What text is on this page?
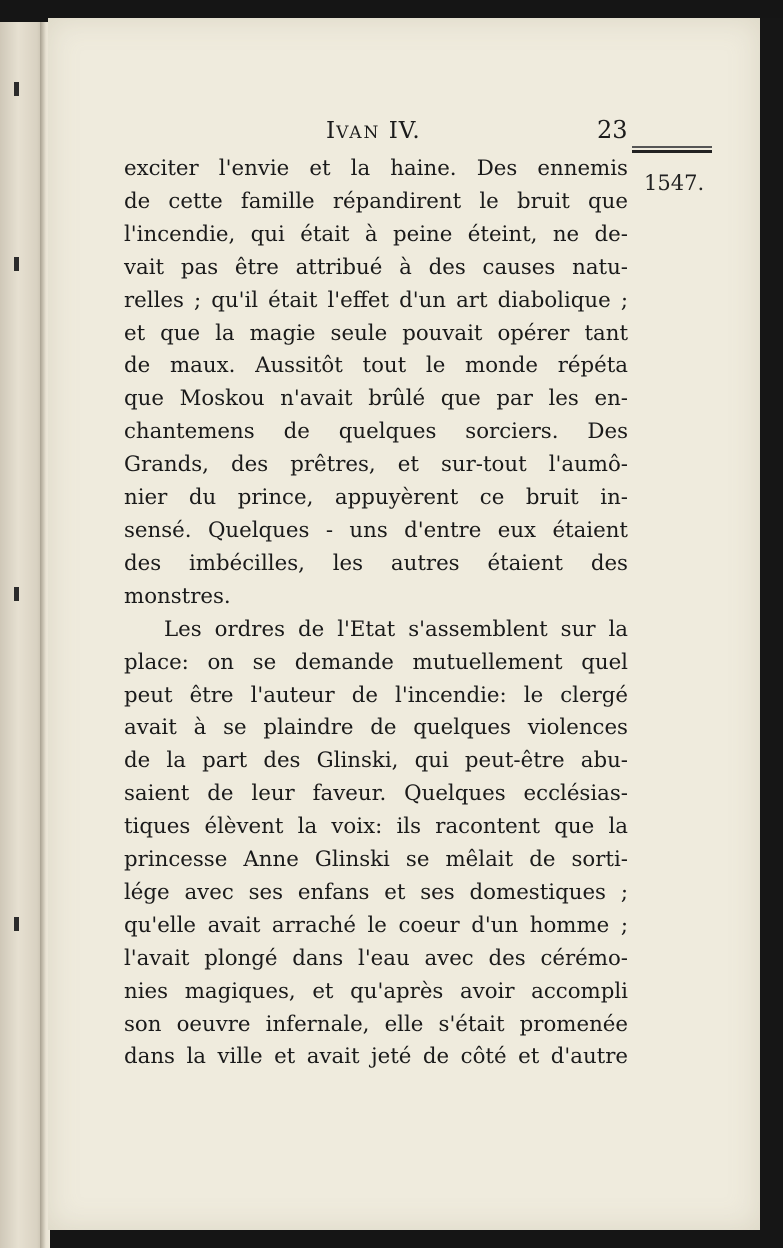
IVAN IV.	23
1547.
exciter l'envie et la haine. Des ennemis
de cette famille répandirent le bruit que
l'incendie, qui était à peine éteint, ne de-
vait pas être attribué à des causes natu-
relles ; qu'il était l'effet d'un art diabolique ;
et que la magie seule pouvait opérer tant
de maux. Aussitôt tout le monde répéta
que Moskou n'avait brûlé que par les en-
chantemens de quelques sorciers. Des
Grands, des prêtres, et sur-tout l'aumô-
nier du prince, appuyèrent ce bruit in-
sensé. Quelques - uns d'entre eux étaient
des imbécilles, les autres étaient des
monstres.
Les ordres de l'Etat s'assemblent sur la
place: on se demande mutuellement quel
peut être l'auteur de l'incendie: le clergé
avait à se plaindre de quelques violences
de la part des Glinski, qui peut-être abu-
saient de leur faveur. Quelques ecclésias-
tiques élèvent la voix: ils racontent que la
princesse Anne Glinski se mêlait de sorti-
lége avec ses enfans et ses domestiques ;
qu'elle avait arraché le coeur d'un homme ;
l'avait plongé dans l'eau avec des cérémo-
nies magiques, et qu'après avoir accompli
son oeuvre infernale, elle s'était promenée
dans la ville et avait jeté de côté et d'autre
